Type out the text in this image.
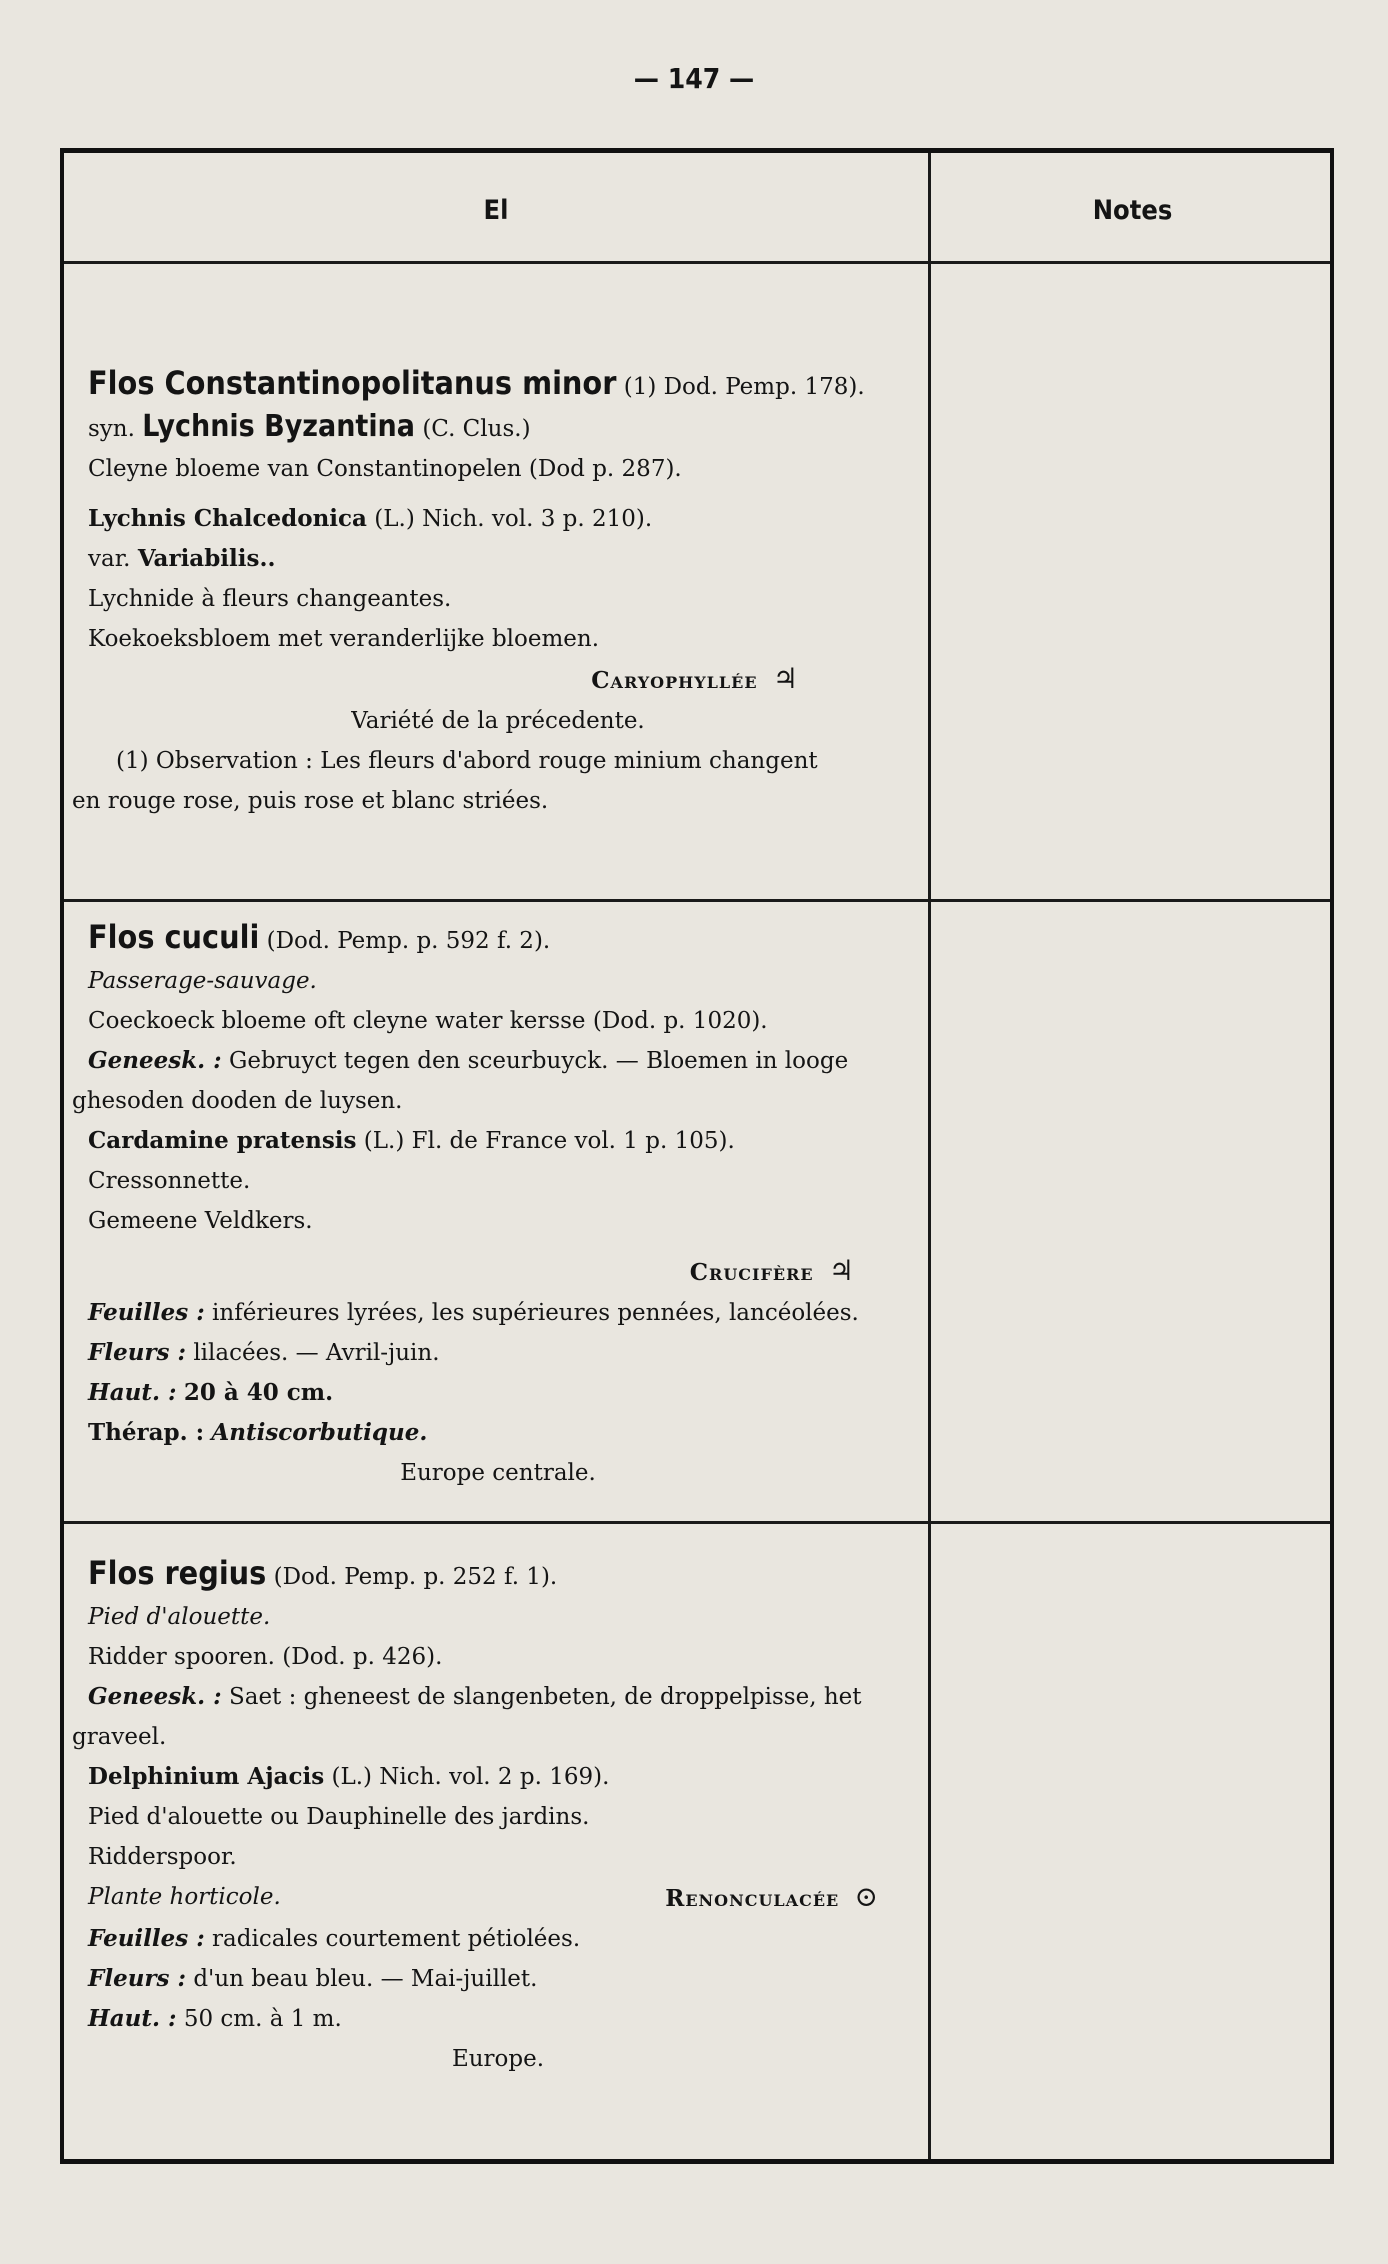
— 147 —
El	Notes
Flos Constantinopolitanus minor (1) Dod. Pemp. 178).
syn. Lychnis Byzantina (C. Clus.)
Cleyne bloeme van Constantinopelen (Dod p. 287).
Lychnis Chalcedonica (L.) Nich. vol. 3 p. 210).
var. Variabilis..
Lychnide à fleurs changeantes.
Koekoeksbloem met veranderlijke bloemen.
Caryophyllée ♃
Variété de la précedente.
(1) Observation : Les fleurs d'abord rouge minium changent
en rouge rose, puis rose et blanc striées.
Flos cuculi (Dod. Pemp. p. 592 f. 2).
Passerage-sauvage.
Coeckoeck bloeme oft cleyne water kersse (Dod. p. 1020).
Geneesk. : Gebruyct tegen den sceurbuyck. — Bloemen in looge ghesoden dooden de luysen.
Cardamine pratensis (L.) Fl. de France vol. 1 p. 105).
Cressonnette.
Gemeene Veldkers.
Crucifère ♃
Feuilles : inférieures lyrées, les supérieures pennées, lancéolées.
Fleurs : lilacées. — Avril-juin.
Haut. : 20 à 40 cm.
Thérap. : Antiscorbutique.
Europe centrale.
Flos regius (Dod. Pemp. p. 252 f. 1).
Pied d'alouette.
Ridder spooren. (Dod. p. 426).
Geneesk. : Saet : gheneest de slangenbeten, de droppelpisse, het graveel.
Delphinium Ajacis (L.) Nich. vol. 2 p. 169).
Pied d'alouette ou Dauphinelle des jardins.
Ridderspoor.
Plante horticole.	Renonculacée ⊙
Feuilles : radicales courtement pétiolées.
Fleurs : d'un beau bleu. — Mai-juillet.
Haut. : 50 cm. à 1 m.
Europe.
